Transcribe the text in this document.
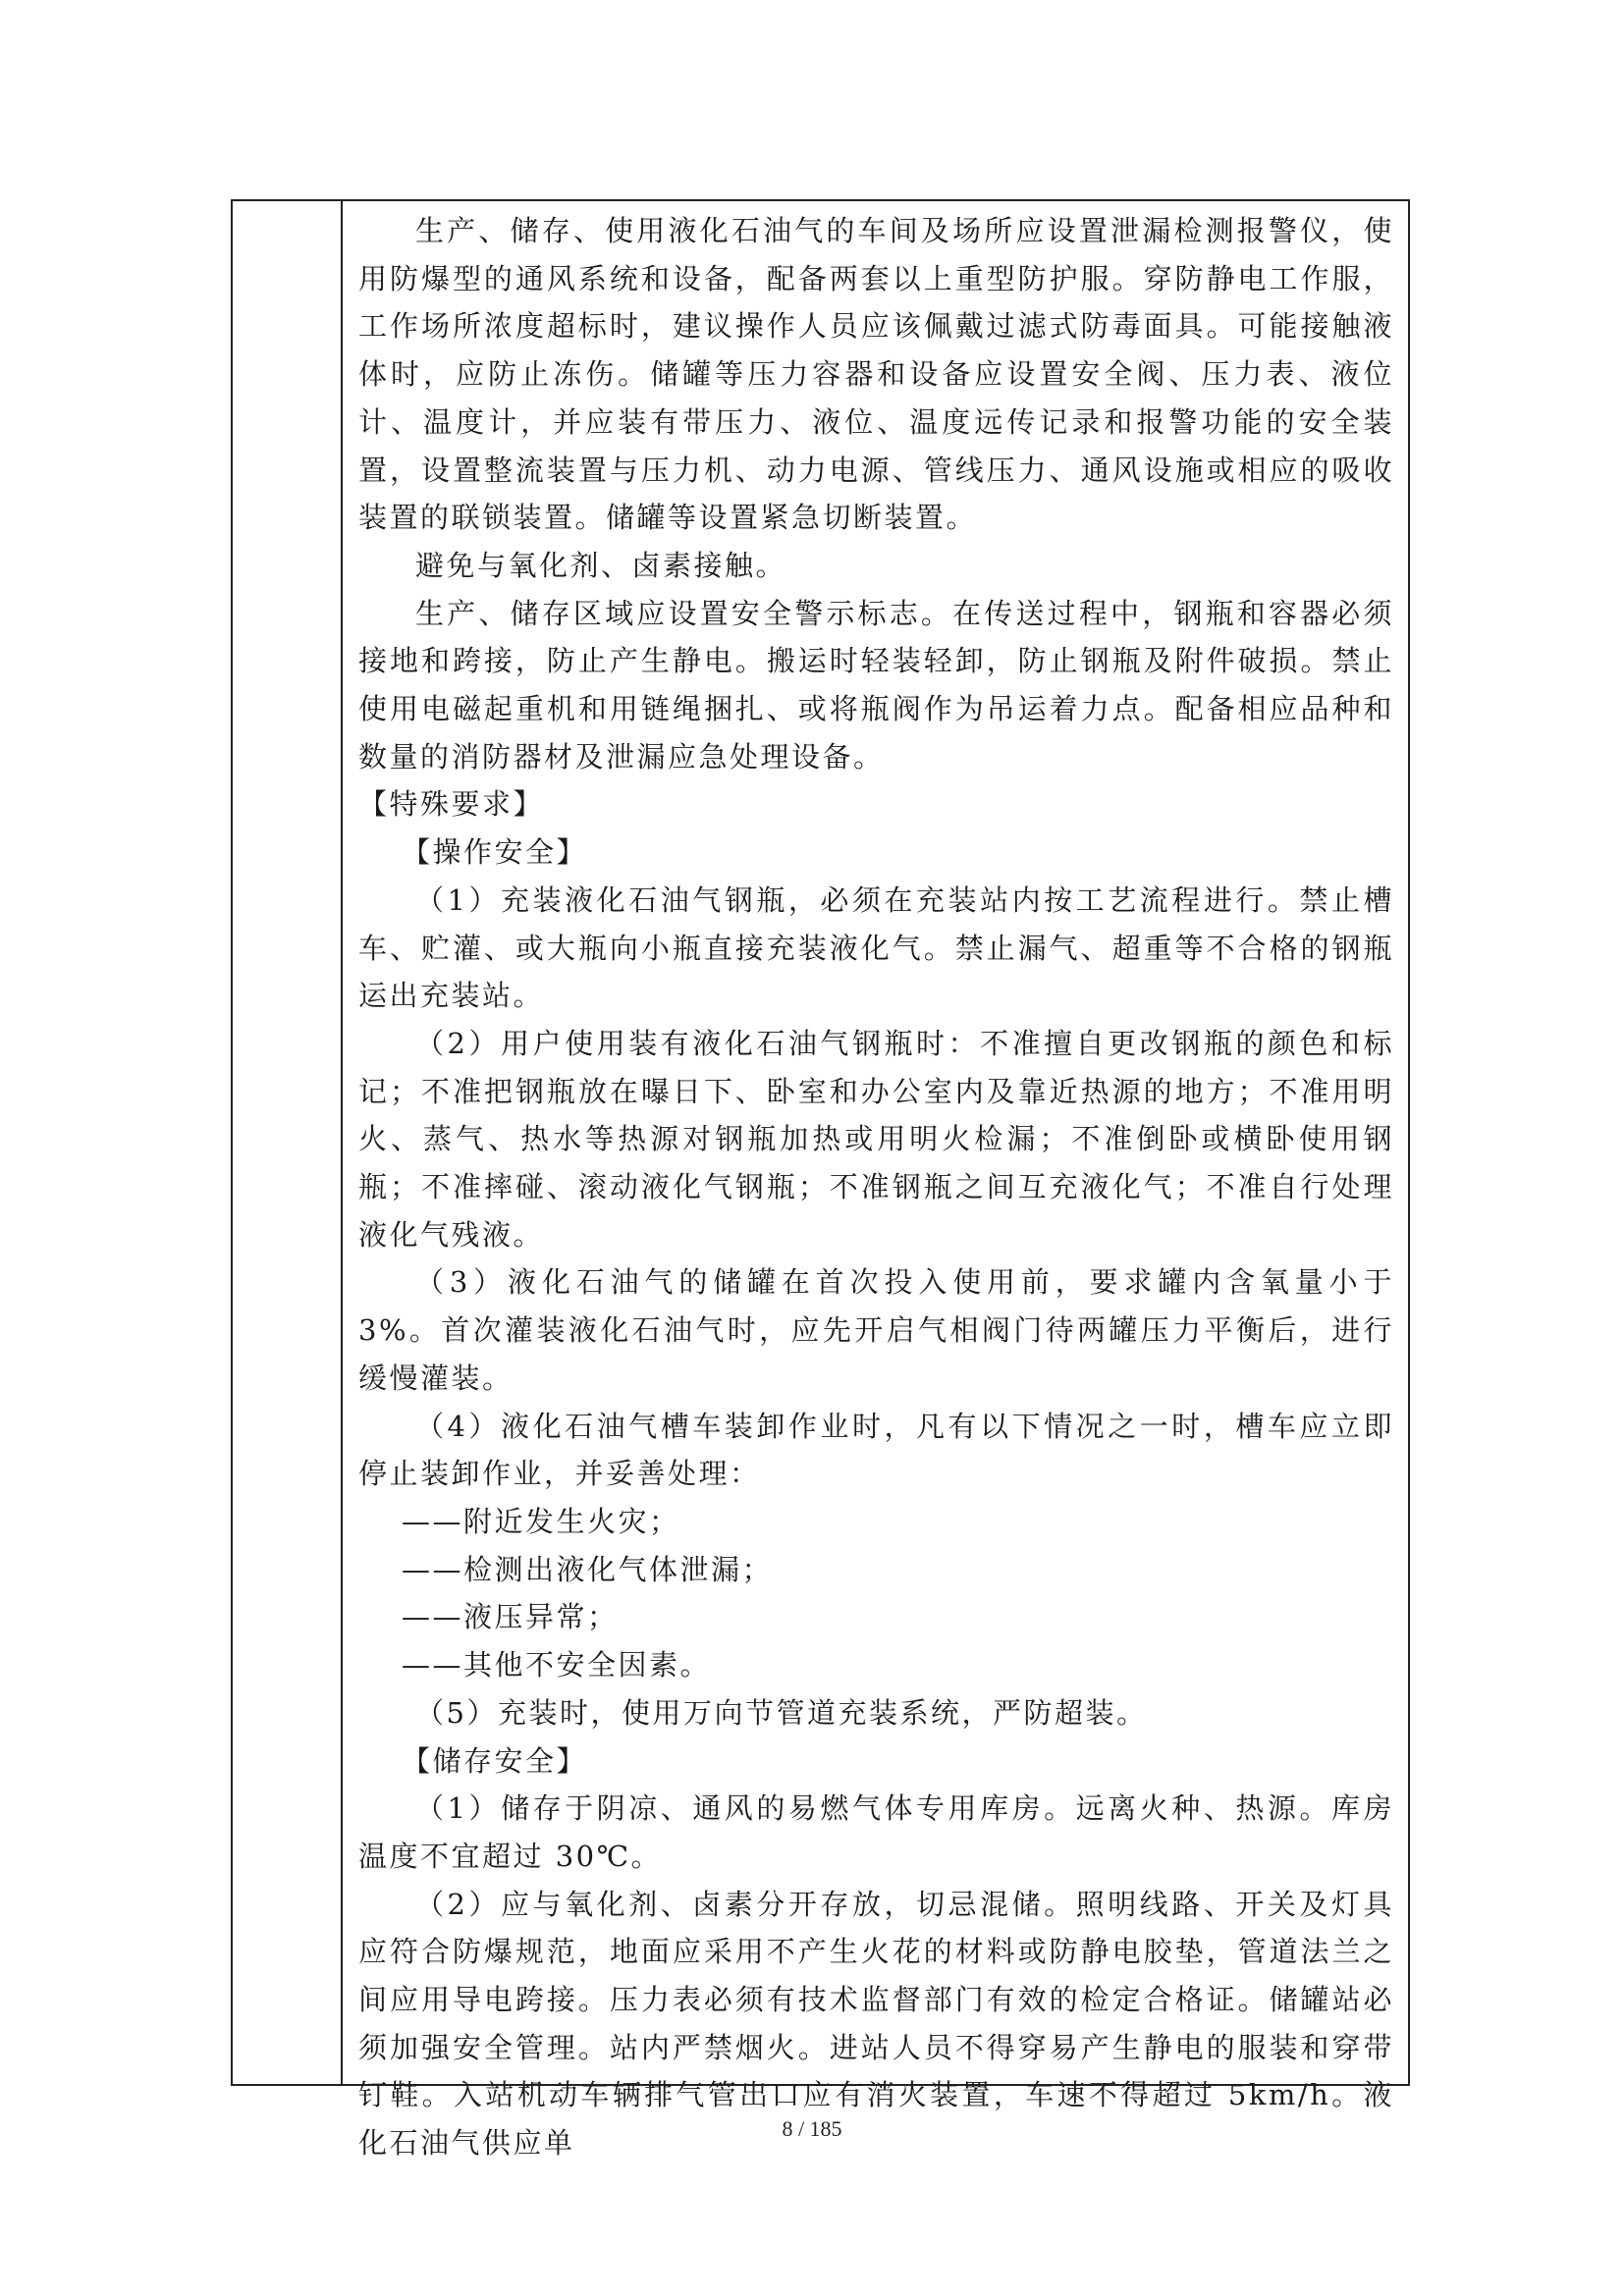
生产、储存、使用液化石油气的车间及场所应设置泄漏检测报警仪，使用防爆型的通风系统和设备，配备两套以上重型防护服。穿防静电工作服，工作场所浓度超标时，建议操作人员应该佩戴过滤式防毒面具。可能接触液体时，应防止冻伤。储罐等压力容器和设备应设置安全阀、压力表、液位计、温度计，并应装有带压力、液位、温度远传记录和报警功能的安全装置，设置整流装置与压力机、动力电源、管线压力、通风设施或相应的吸收装置的联锁装置。储罐等设置紧急切断装置。

避免与氧化剂、卤素接触。

生产、储存区域应设置安全警示标志。在传送过程中，钢瓶和容器必须接地和跨接，防止产生静电。搬运时轻装轻卸，防止钢瓶及附件破损。禁止使用电磁起重机和用链绳捆扎、或将瓶阀作为吊运着力点。配备相应品种和数量的消防器材及泄漏应急处理设备。

【特殊要求】

【操作安全】

（1）充装液化石油气钢瓶，必须在充装站内按工艺流程进行。禁止槽车、贮灌、或大瓶向小瓶直接充装液化气。禁止漏气、超重等不合格的钢瓶运出充装站。

（2）用户使用装有液化石油气钢瓶时：不准擅自更改钢瓶的颜色和标记；不准把钢瓶放在曝日下、卧室和办公室内及靠近热源的地方；不准用明火、蒸气、热水等热源对钢瓶加热或用明火检漏；不准倒卧或横卧使用钢瓶；不准摔碰、滚动液化气钢瓶；不准钢瓶之间互充液化气；不准自行处理液化气残液。

（3）液化石油气的储罐在首次投入使用前，要求罐内含氧量小于 3%。首次灌装液化石油气时，应先开启气相阀门待两罐压力平衡后，进行缓慢灌装。

（4）液化石油气槽车装卸作业时，凡有以下情况之一时，槽车应立即停止装卸作业，并妥善处理：

——附近发生火灾；

——检测出液化气体泄漏；

——液压异常；

——其他不安全因素。

（5）充装时，使用万向节管道充装系统，严防超装。

【储存安全】

（1）储存于阴凉、通风的易燃气体专用库房。远离火种、热源。库房温度不宜超过 30℃。

（2）应与氧化剂、卤素分开存放，切忌混储。照明线路、开关及灯具应符合防爆规范，地面应采用不产生火花的材料或防静电胶垫，管道法兰之间应用导电跨接。压力表必须有技术监督部门有效的检定合格证。储罐站必须加强安全管理。站内严禁烟火。进站人员不得穿易产生静电的服装和穿带钉鞋。入站机动车辆排气管出口应有消火装置，车速不得超过 5km/h。液化石油气供应单	8 / 185
